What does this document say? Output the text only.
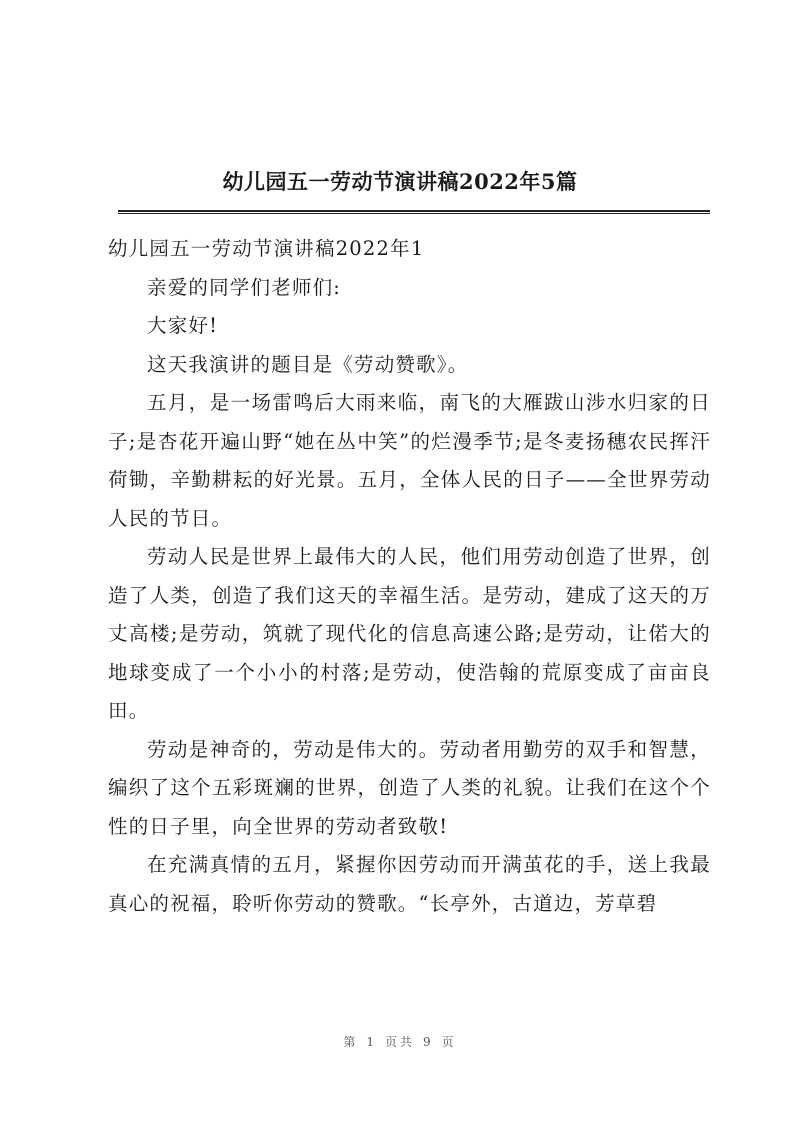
幼儿园五一劳动节演讲稿2022年5篇

幼儿园五一劳动节演讲稿2022年1

亲爱的同学们老师们:

大家好!

这天我演讲的题目是《劳动赞歌》。

五月，是一场雷鸣后大雨来临，南飞的大雁跋山涉水归家的日子;是杏花开遍山野“她在丛中笑”的烂漫季节;是冬麦扬穗农民挥汗荷锄，辛勤耕耘的好光景。五月，全体人民的日子——全世界劳动人民的节日。

劳动人民是世界上最伟大的人民，他们用劳动创造了世界，创造了人类，创造了我们这天的幸福生活。是劳动，建成了这天的万丈高楼;是劳动，筑就了现代化的信息高速公路;是劳动，让偌大的地球变成了一个小小的村落;是劳动，使浩翰的荒原变成了亩亩良田。

劳动是神奇的，劳动是伟大的。劳动者用勤劳的双手和智慧，编织了这个五彩斑斓的世界，创造了人类的礼貌。让我们在这个个性的日子里，向全世界的劳动者致敬!

在充满真情的五月，紧握你因劳动而开满茧花的手，送上我最真心的祝福，聆听你劳动的赞歌。“长亭外，古道边，芳草碧

第 1 页共 9 页
